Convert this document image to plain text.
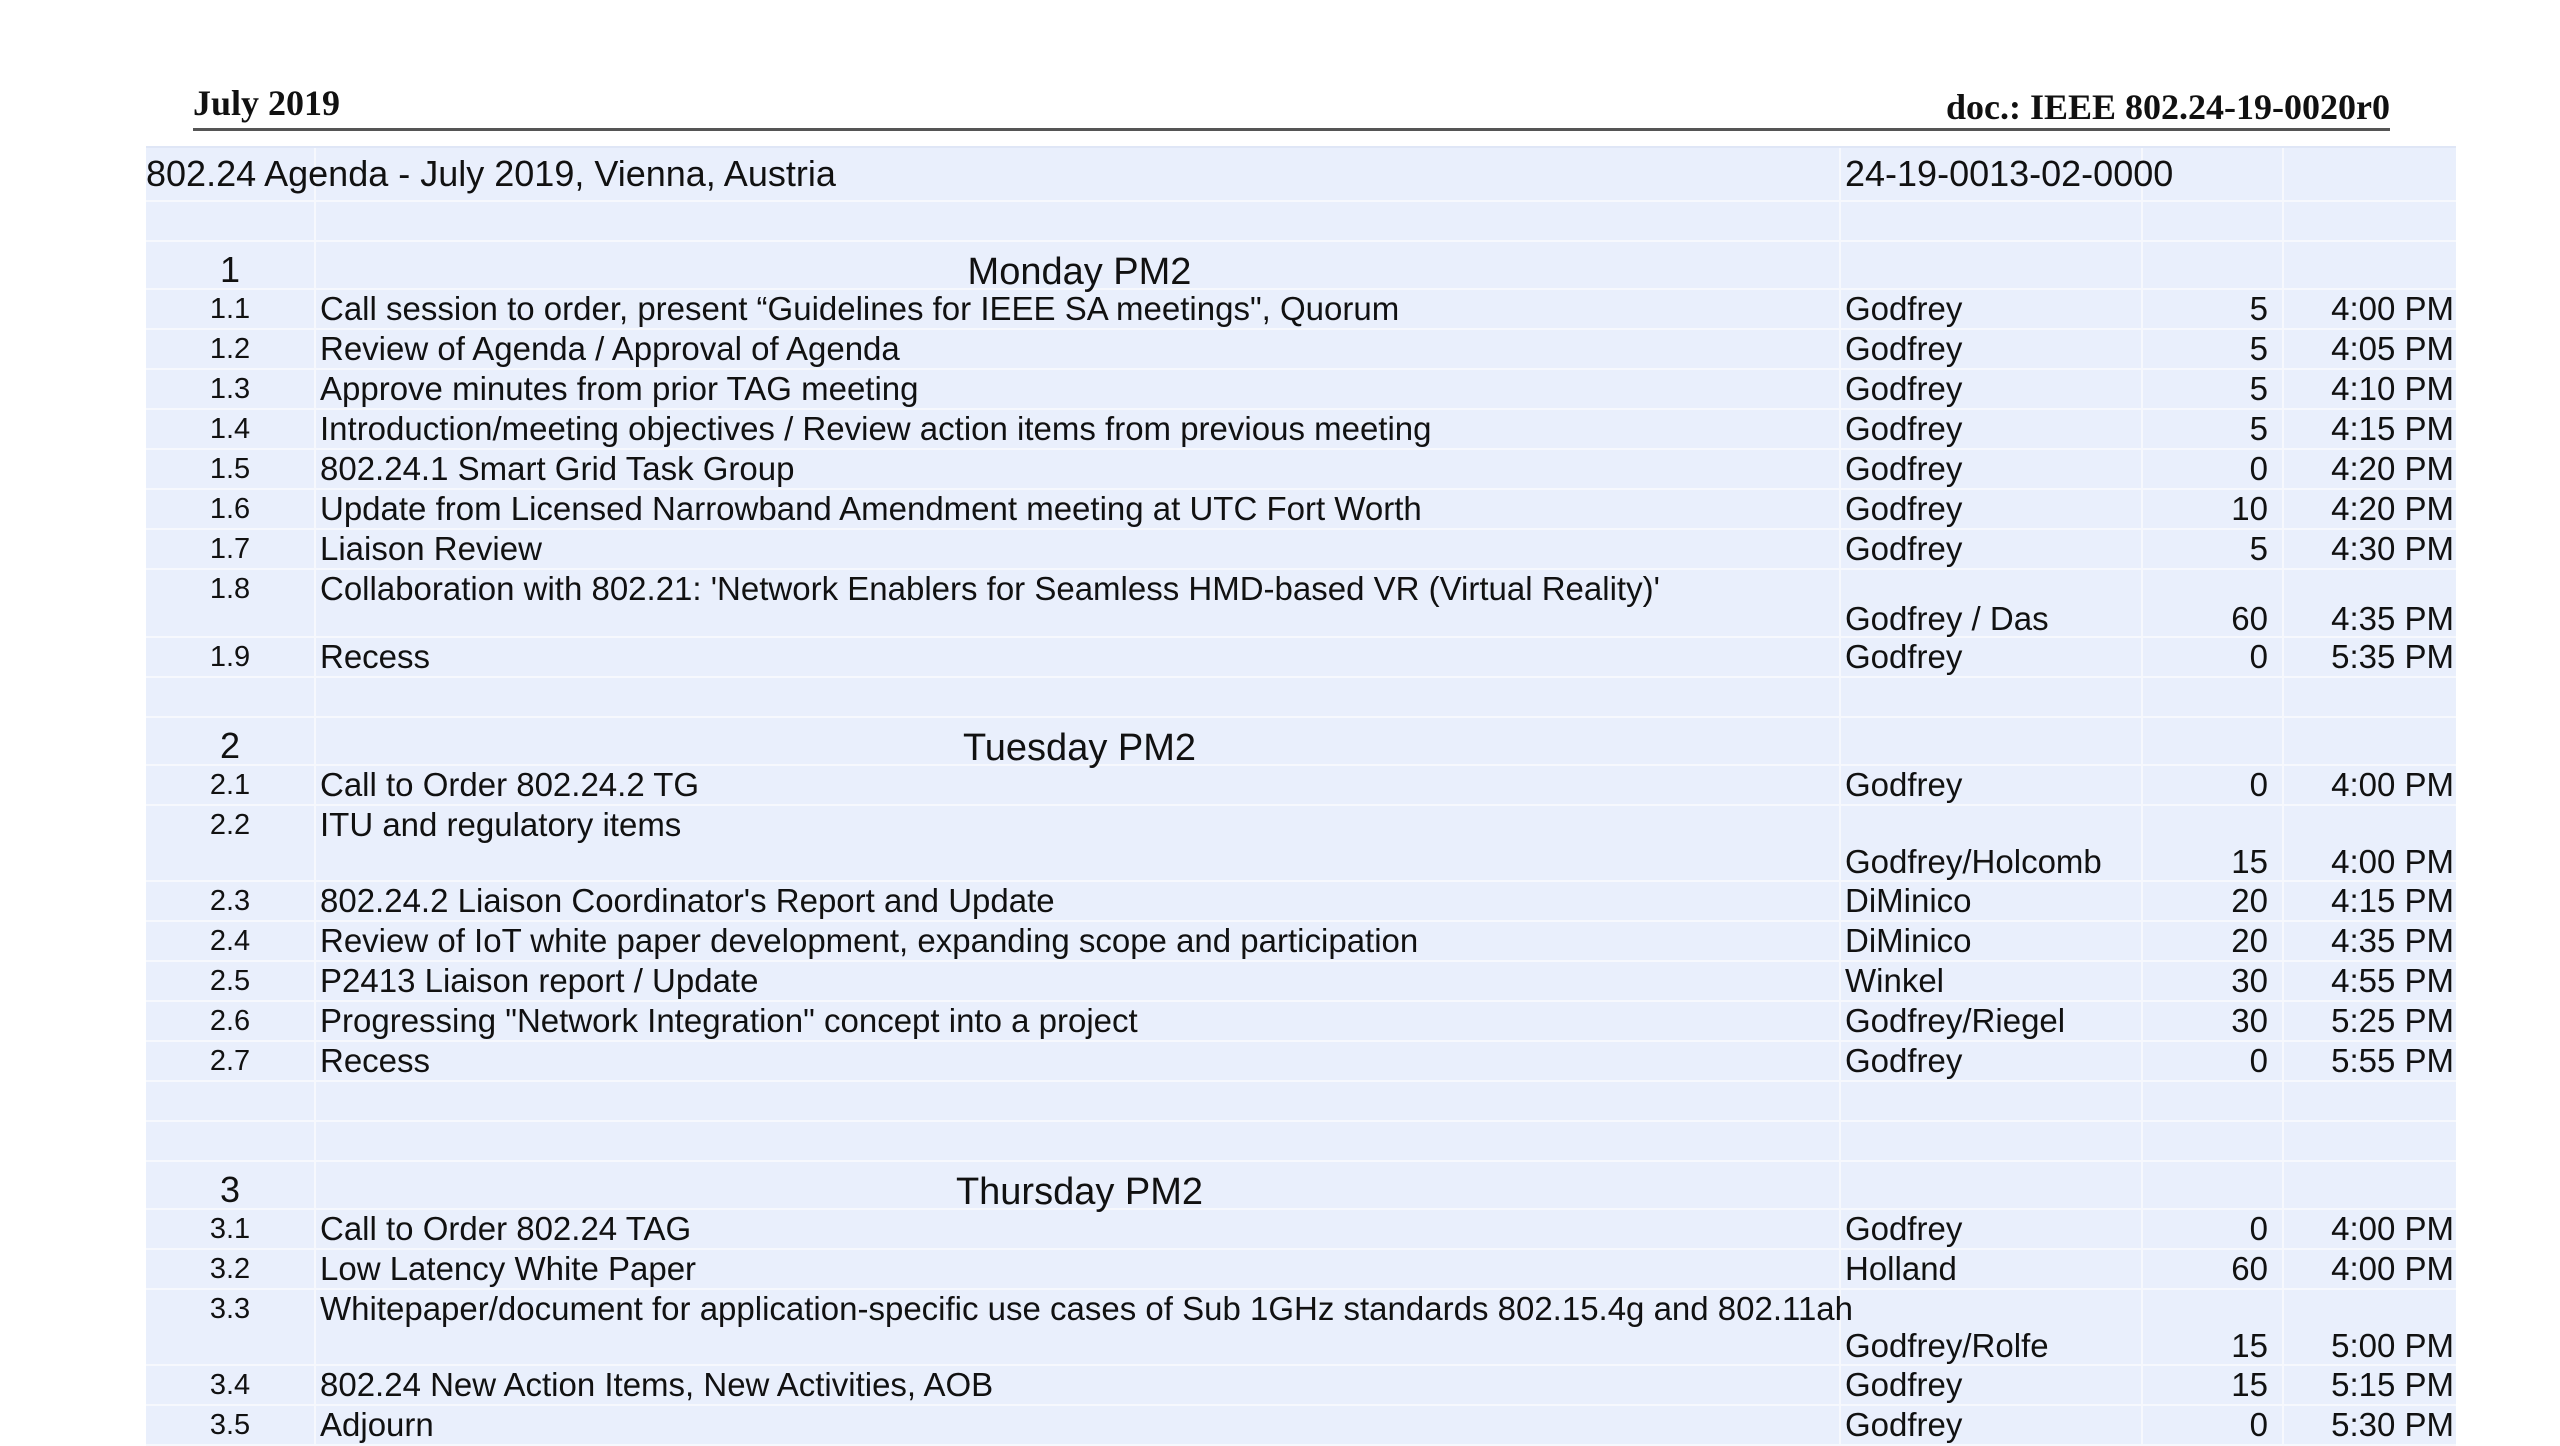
July 2019	doc.: IEEE 802.24-19-0020r0
802.24 Agenda - July 2019, Vienna, Austria	24-19-0013-02-0000
1	Monday PM2
1.1	Call session to order, present “Guidelines for IEEE SA meetings", Quorum	Godfrey	5	4:00 PM
1.2	Review of Agenda / Approval of Agenda	Godfrey	5	4:05 PM
1.3	Approve minutes from prior TAG meeting	Godfrey	5	4:10 PM
1.4	Introduction/meeting objectives / Review action items from previous meeting	Godfrey	5	4:15 PM
1.5	802.24.1 Smart Grid Task Group	Godfrey	0	4:20 PM
1.6	Update from Licensed Narrowband Amendment meeting at UTC Fort Worth	Godfrey	10	4:20 PM
1.7	Liaison Review	Godfrey	5	4:30 PM
1.8	Collaboration with 802.21: 'Network Enablers for Seamless HMD-based VR (Virtual Reality)'
Godfrey / Das	60	4:35 PM
1.9	Recess	Godfrey	0	5:35 PM
2	Tuesday PM2
2.1	Call to Order 802.24.2 TG	Godfrey	0	4:00 PM
2.2	ITU and regulatory items
Godfrey/Holcomb	15	4:00 PM
2.3	802.24.2 Liaison Coordinator's Report and Update	DiMinico	20	4:15 PM
2.4	Review of IoT white paper development, expanding scope and participation	DiMinico	20	4:35 PM
2.5	P2413 Liaison report / Update	Winkel	30	4:55 PM
2.6	Progressing "Network Integration" concept into a project	Godfrey/Riegel	30	5:25 PM
2.7	Recess	Godfrey	0	5:55 PM
3	Thursday PM2
3.1	Call to Order 802.24 TAG	Godfrey	0	4:00 PM
3.2	Low Latency White Paper	Holland	60	4:00 PM
3.3	Whitepaper/document for application-specific use cases of Sub 1GHz standards 802.15.4g and 802.11ah
Godfrey/Rolfe	15	5:00 PM
3.4	802.24 New Action Items, New Activities, AOB	Godfrey	15	5:15 PM
3.5	Adjourn	Godfrey	0	5:30 PM
